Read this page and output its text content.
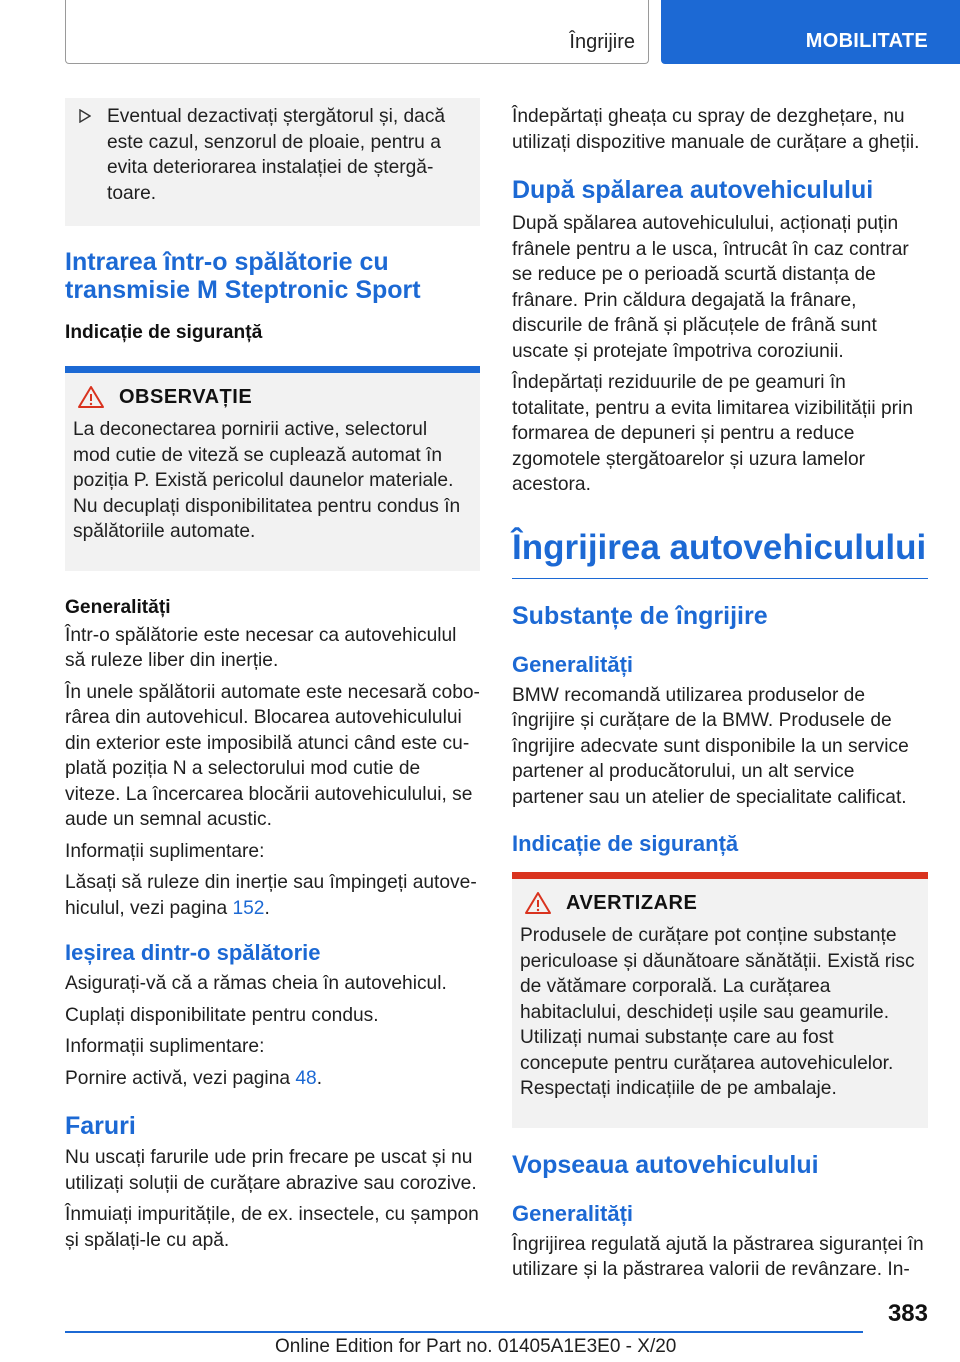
Îngrijire	MOBILITATE

Eventual dezactivați ștergătorul și, dacă este cazul, senzorul de ploaie, pentru a evita deteriorarea instalației de ștergătoare.

Intrarea într-o spălătorie cu transmisie M Steptronic Sport
Indicație de siguranță
OBSERVAȚIE

La deconectarea pornirii active, selectorul mod cutie de viteză se cuplează automat în poziția P. Există pericolul daunelor materiale. Nu decuplați disponibilitatea pentru condus în spălătoriile automate.

Generalități

Într-o spălătorie este necesar ca autovehiculul să ruleze liber din inerție.

În unele spălătorii automate este necesară coborârea din autovehicul. Blocarea autovehiculului din exterior este imposibilă atunci când este cuplată poziția N a selectorului mod cutie de viteze. La încercarea blocării autovehiculului, se aude un semnal acustic.

Informații suplimentare:

Lăsați să ruleze din inerție sau împingeți autovehiculul, vezi pagina 152.

Ieșirea dintr-o spălătorie

Asigurați-vă că a rămas cheia în autovehicul.

Cuplați disponibilitate pentru condus.

Informații suplimentare:

Pornire activă, vezi pagina 48.

Faruri

Nu uscați farurile ude prin frecare pe uscat și nu utilizați soluții de curățare abrazive sau corozive.

Înmuiați impuritățile, de ex. insectele, cu șampon și spălați-le cu apă.

Îndepărtați gheața cu spray de dezghețare, nu utilizați dispozitive manuale de curățare a gheții.

După spălarea autovehiculului

După spălarea autovehiculului, acționați puțin frânele pentru a le usca, întrucât în caz contrar se reduce pe o perioadă scurtă distanța de frânare. Prin căldura degajată la frânare, discurile de frână și plăcuțele de frână sunt uscate și protejate împotriva coroziunii.

Îndepărtați reziduurile de pe geamuri în totalitate, pentru a evita limitarea vizibilității prin formarea de depuneri și pentru a reduce zgomotele ștergătoarelor și uzura lamelor acestora.

Îngrijirea autovehiculului
Substanțe de îngrijire
Generalități

BMW recomandă utilizarea produselor de îngrijire și curățare de la BMW. Produsele de îngrijire adecvate sunt disponibile la un service partener al producătorului, un alt service partener sau un atelier de specialitate calificat.

Indicație de siguranță
AVERTIZARE

Produsele de curățare pot conține substanțe periculoase și dăunătoare sănătății. Există risc de vătămare corporală. La curățarea habitaclului, deschideți ușile sau geamurile. Utilizați numai substanțe care au fost concepute pentru curățarea autovehiculelor. Respectați indicațiile de pe ambalaje.

Vopseaua autovehiculului
Generalități

Îngrijirea regulată ajută la păstrarea siguranței în utilizare și la păstrarea valorii de revânzare. In-

383
Online Edition for Part no. 01405A1E3E0 - X/20
